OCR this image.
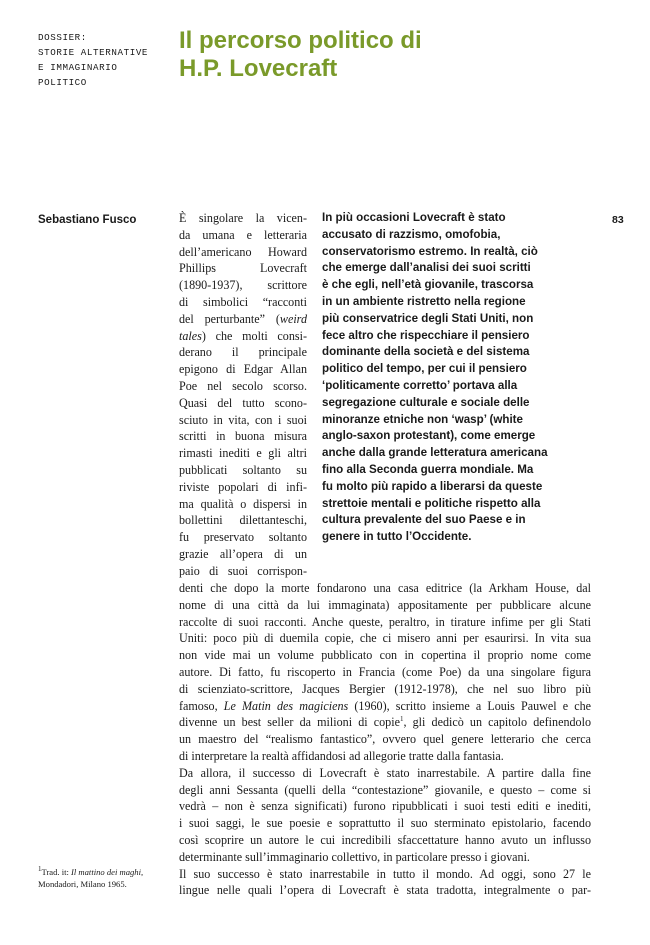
DOSSIER:
STORIE ALTERNATIVE
E IMMAGINARIO
POLITICO
Il percorso politico di
H.P. Lovecraft
Sebastiano Fusco	83
È singolare la vicen-
da umana e letteraria
dell’americano Howard
Phillips Lovecraft
(1890-1937), scrittore
di simbolici “racconti
del perturbante” (weird
tales) che molti consi-
derano il principale
epigono di Edgar Allan
Poe nel secolo scorso.
Quasi del tutto scono-
sciuto in vita, con i suoi
scritti in buona misura
rimasti inediti e gli altri
pubblicati soltanto su
riviste popolari di infi-
ma qualità o dispersi in
bollettini dilettanteschi,
fu preservato soltanto
grazie all’opera di un
paio di suoi corrispon-
In più occasioni Lovecraft è stato
accusato di razzismo, omofobia,
conservatorismo estremo. In realtà, ciò
che emerge dall’analisi dei suoi scritti
è che egli, nell’età giovanile, trascorsa
in un ambiente ristretto nella regione
più conservatrice degli Stati Uniti, non
fece altro che rispecchiare il pensiero
dominante della società e del sistema
politico del tempo, per cui il pensiero
‘politicamente corretto’ portava alla
segregazione culturale e sociale delle
minoranze etniche non ‘wasp’ (white
anglo-saxon protestant), come emerge
anche dalla grande letteratura americana
fino alla Seconda guerra mondiale. Ma
fu molto più rapido a liberarsi da queste
strettoie mentali e politiche rispetto alla
cultura prevalente del suo Paese e in
genere in tutto l’Occidente.
denti che dopo la morte fondarono una casa editrice (la Arkham House, dal
nome di una città da lui immaginata) appositamente per pubblicare alcune
raccolte di suoi racconti. Anche queste, peraltro, in tirature infime per gli Stati
Uniti: poco più di duemila copie, che ci misero anni per esaurirsi. In vita sua
non vide mai un volume pubblicato con in copertina il proprio nome come
autore. Di fatto, fu riscoperto in Francia (come Poe) da una singolare figura
di scienziato-scrittore, Jacques Bergier (1912-1978), che nel suo libro più
famoso, Le Matin des magiciens (1960), scritto insieme a Louis Pauwel e che
divenne un best seller da milioni di copie$^1$, gli dedicò un capitolo definendolo
un maestro del “realismo fantastico”, ovvero quel genere letterario che cerca
di interpretare la realtà affidandosi ad allegorie tratte dalla fantasia.
Da allora, il successo di Lovecraft è stato inarrestabile. A partire dalla fine
degli anni Sessanta (quelli della “contestazione” giovanile, e questo – come si
vedrà – non è senza significati) furono ripubblicati i suoi testi editi e inediti,
i suoi saggi, le sue poesie e soprattutto il suo sterminato epistolario, facendo
così scoprire un autore le cui incredibili sfaccettature hanno avuto un influsso
determinante sull’immaginario collettivo, in particolare presso i giovani.
Il suo successo è stato inarrestabile in tutto il mondo. Ad oggi, sono 27 le
lingue nelle quali l’opera di Lovecraft è stata tradotta, integralmente o par-
$^1$Trad. it: Il mattino dei maghi,
Mondadori, Milano 1965.
